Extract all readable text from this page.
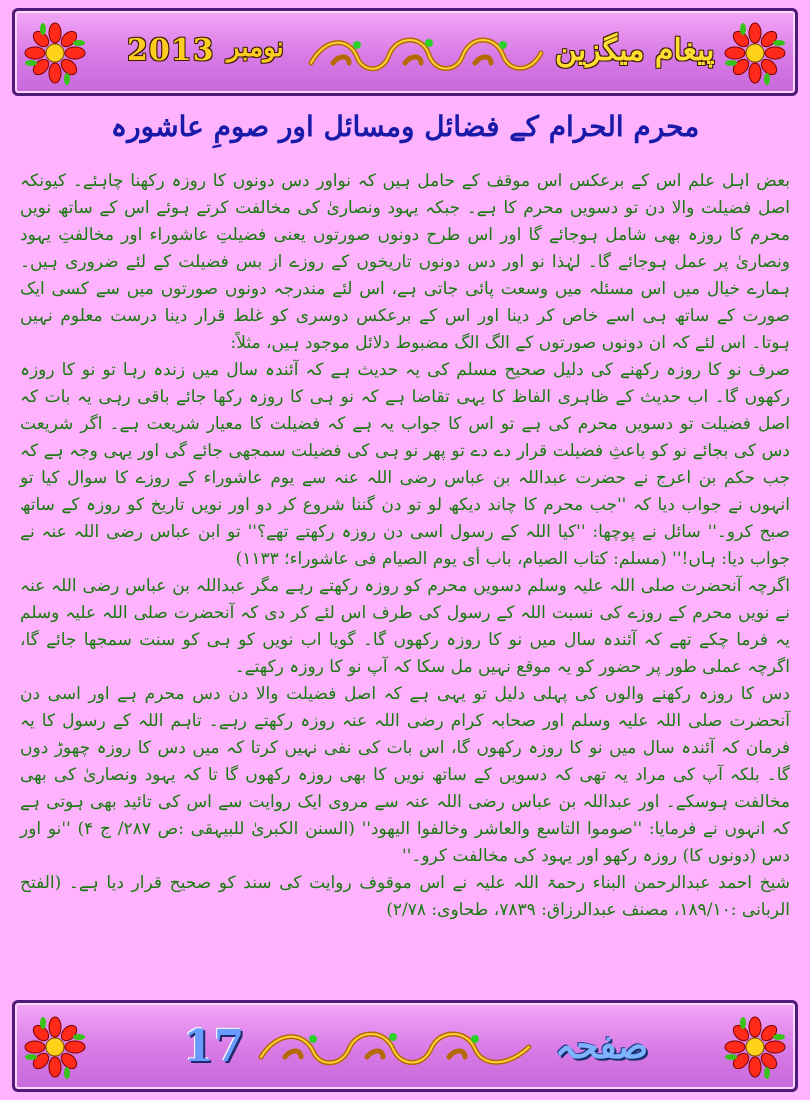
2013 نومبر	پیغام میگزین
محرم الحرام کے فضائل ومسائل اور صومِ عاشورہ

بعض اہل علم اس کے برعکس اس موقف کے حامل ہیں کہ نواور دس دونوں کا روزہ رکھنا چاہئے۔ کیونکہ اصل فضیلت والا دن تو دسویں محرم کا ہے۔ جبکہ یہود ونصاریٰ کی مخالفت کرتے ہوئے اس کے ساتھ نویں محرم کا روزہ بھی شامل ہوجائے گا اور اس طرح دونوں صورتوں یعنی فضیلتِ عاشوراء اور مخالفتِ یہود ونصاریٰ پر عمل ہوجائے گا۔ لہٰذا نو اور دس دونوں تاریخوں کے روزے از بس فضیلت کے لئے ضروری ہیں۔ ہمارے خیال میں اس مسئلہ میں وسعت پائی جاتی ہے، اس لئے مندرجہ دونوں صورتوں میں سے کسی ایک صورت کے ساتھ ہی اسے خاص کر دینا اور اس کے برعکس دوسری کو غلط قرار دینا درست معلوم نہیں ہوتا۔ اس لئے کہ ان دونوں صورتوں کے الگ الگ مضبوط دلائل موجود ہیں، مثلاً:

صرف نو کا روزہ رکھنے کی دلیل صحیح مسلم کی یہ حدیث ہے کہ آئندہ سال میں زندہ رہا تو نو کا روزہ رکھوں گا۔ اب حدیث کے ظاہری الفاظ کا یہی تقاضا ہے کہ نو ہی کا روزہ رکھا جائے باقی رہی یہ بات کہ اصل فضیلت تو دسویں محرم کی ہے تو اس کا جواب یہ ہے کہ فضیلت کا معیار شریعت ہے۔ اگر شریعت دس کی بجائے نو کو باعثِ فضیلت قرار دے دے تو پھر نو ہی کی فضیلت سمجھی جائے گی اور یہی وجہ ہے کہ جب حکم بن اعرج نے حضرت عبداللہ بن عباس رضی اللہ عنہ سے یوم عاشوراء کے روزے کا سوال کیا تو انہوں نے جواب دیا کہ ''جب محرم کا چاند دیکھ لو تو دن گننا شروع کر دو اور نویں تاریخ کو روزہ کے ساتھ صبح کرو۔'' سائل نے پوچھا: ''کیا اللہ کے رسول اسی دن روزہ رکھتے تھے؟'' تو ابن عباس رضی اللہ عنہ نے جواب دیا: ہاں!'' (مسلم: کتاب الصیام، باب أی یوم الصیام فی عاشوراء؛ ۱۱۳۳)

اگرچہ آنحضرت صلی اللہ علیہ وسلم دسویں محرم کو روزہ رکھتے رہے مگر عبداللہ بن عباس رضی اللہ عنہ نے نویں محرم کے روزے کی نسبت اللہ کے رسول کی طرف اس لئے کر دی کہ آنحضرت صلی اللہ علیہ وسلم یہ فرما چکے تھے کہ آئندہ سال میں نو کا روزہ رکھوں گا۔ گویا اب نویں کو ہی کو سنت سمجھا جائے گا، اگرچہ عملی طور پر حضور کو یہ موقع نہیں مل سکا کہ آپ نو کا روزہ رکھتے۔

دس کا روزہ رکھنے والوں کی پہلی دلیل تو یہی ہے کہ اصل فضیلت والا دن دس محرم ہے اور اسی دن آنحضرت صلی اللہ علیہ وسلم اور صحابہ کرام رضی اللہ عنہ روزہ رکھتے رہے۔ تاہم اللہ کے رسول کا یہ فرمان کہ آئندہ سال میں نو کا روزہ رکھوں گا، اس بات کی نفی نہیں کرتا کہ میں دس کا روزہ چھوڑ دوں گا۔ بلکہ آپ کی مراد یہ تھی کہ دسویں کے ساتھ نویں کا بھی روزہ رکھوں گا تا کہ یہود ونصاریٰ کی بھی مخالفت ہوسکے۔ اور عبداللہ بن عباس رضی اللہ عنہ سے مروی ایک روایت سے اس کی تائید بھی ہوتی ہے کہ انہوں نے فرمایا: ''صوموا التاسع والعاشر وخالفوا الیھود'' (السنن الکبریٰ للبیہقی :ص ۲۸۷/ ج ۴) ''نو اور دس (دونوں کا) روزہ رکھو اور یہود کی مخالفت کرو۔''

شیخ احمد عبدالرحمن البناء رحمۃ اللہ علیہ نے اس موقوف روایت کی سند کو صحیح قرار دیا ہے۔ (الفتح الربانی :۱۸۹/۱۰، مصنف عبدالرزاق: ۷۸۳۹، طحاوی: ۲/۷۸)

17	صفحہ
